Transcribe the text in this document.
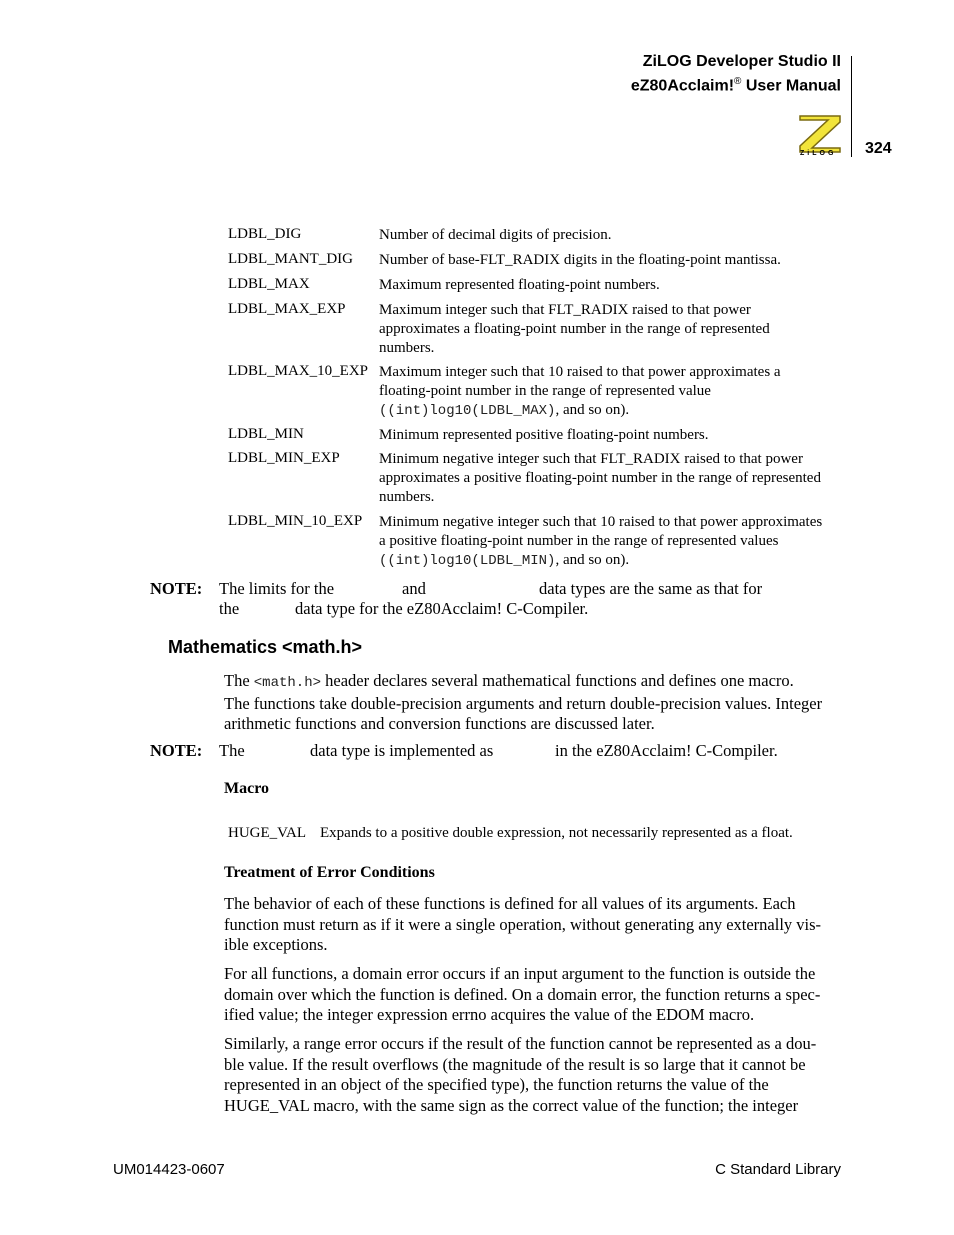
ZiLOG Developer Studio II
eZ80Acclaim!® User Manual
ZiLOG 324
LDBL_DIG	Number of decimal digits of precision.
LDBL_MANT_DIG Number of base-FLT_RADIX digits in the floating-point mantissa.
LDBL_MAX	Maximum represented floating-point numbers.
LDBL_MAX_EXP Maximum integer such that FLT_RADIX raised to that power
approximates a floating-point number in the range of represented
numbers.
LDBL_MAX_10_EXP Maximum integer such that 10 raised to that power approximates a
floating-point number in the range of represented value
((int)log10(LDBL_MAX), and so on).
LDBL_MIN	Minimum represented positive floating-point numbers.
LDBL_MIN_EXP	Minimum negative integer such that FLT_RADIX raised to that power
approximates a positive floating-point number in the range of represented
numbers.
LDBL_MIN_10_EXP Minimum negative integer such that 10 raised to that power approximates
a positive floating-point number in the range of represented values
((int)log10(LDBL_MIN), and so on).
NOTE: The limits for the	and	data types are the same as that for
the	data type for the eZ80Acclaim! C-Compiler.
Mathematics <math.h>
The <math.h> header declares several mathematical functions and defines one macro.
The functions take double-precision arguments and return double-precision values. Integer
arithmetic functions and conversion functions are discussed later.
NOTE: The	data type is implemented as	in the eZ80Acclaim! C-Compiler.
Macro
HUGE_VAL Expands to a positive double expression, not necessarily represented as a float.
Treatment of Error Conditions
The behavior of each of these functions is defined for all values of its arguments. Each
function must return as if it were a single operation, without generating any externally vis-
ible exceptions.
For all functions, a domain error occurs if an input argument to the function is outside the
domain over which the function is defined. On a domain error, the function returns a spec-
ified value; the integer expression errno acquires the value of the EDOM macro.
Similarly, a range error occurs if the result of the function cannot be represented as a dou-
ble value. If the result overflows (the magnitude of the result is so large that it cannot be
represented in an object of the specified type), the function returns the value of the
HUGE_VAL macro, with the same sign as the correct value of the function; the integer
UM014423-0607	C Standard Library
